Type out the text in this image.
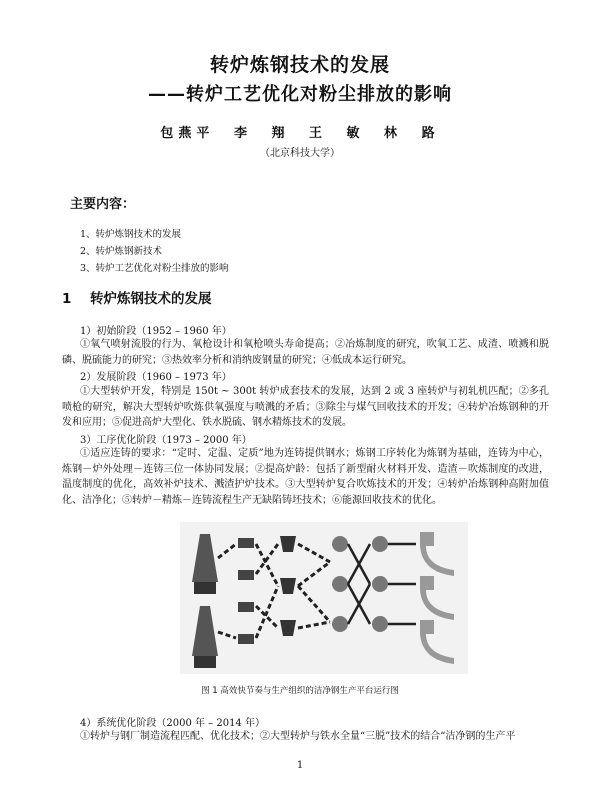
转炉炼钢技术的发展
——转炉工艺优化对粉尘排放的影响
包燕平 李 翔 王 敏 林 路
（北京科技大学）
主要内容：
1、转炉炼钢技术的发展
2、转炉炼钢新技术
3、转炉工艺优化对粉尘排放的影响
1 转炉炼钢技术的发展
1）初始阶段（1952 – 1960 年）
①氧气喷射流股的行为、氧枪设计和氧枪喷头寿命提高；②冶炼制度的研究，吹氧工艺、成渣、喷溅和脱磷、脱硫能力的研究；③热效率分析和消纳废钢量的研究；④低成本运行研究。
2）发展阶段（1960 – 1973 年）
①大型转炉开发，特别是 150t ~ 300t 转炉成套技术的发展，达到 2 或 3 座转炉与初轧机匹配；②多孔喷枪的研究，解决大型转炉吹炼供氧强度与喷溅的矛盾；③除尘与煤气回收技术的开发；④转炉冶炼钢种的开发和应用；⑤促进高炉大型化、铁水脱硫、钢水精炼技术的发展。
3）工序优化阶段（1973 – 2000 年）
①适应连铸的要求：“定时、定温、定质”地为连铸提供钢水；炼钢工序转化为炼钢为基础，连铸为中心，炼钢－炉外处理－连铸三位一体协同发展；②提高炉龄：包括了新型耐火材料开发、造渣－吹炼制度的改进，温度制度的优化，高效补炉技术、溅渣护炉技术。③大型转炉复合吹炼技术的开发；④转炉冶炼钢种高附加值化、洁净化；⑤转炉－精炼－连铸流程生产无缺陷铸坯技术；⑥能源回收技术的优化。
图 1 高效快节奏与生产组织的洁净钢生产平台运行图
4）系统优化阶段（2000 年 – 2014 年）
①转炉与钢厂制造流程匹配、优化技术；②大型转炉与铁水全量“三脱”技术的结合“洁净钢的生产平
1
